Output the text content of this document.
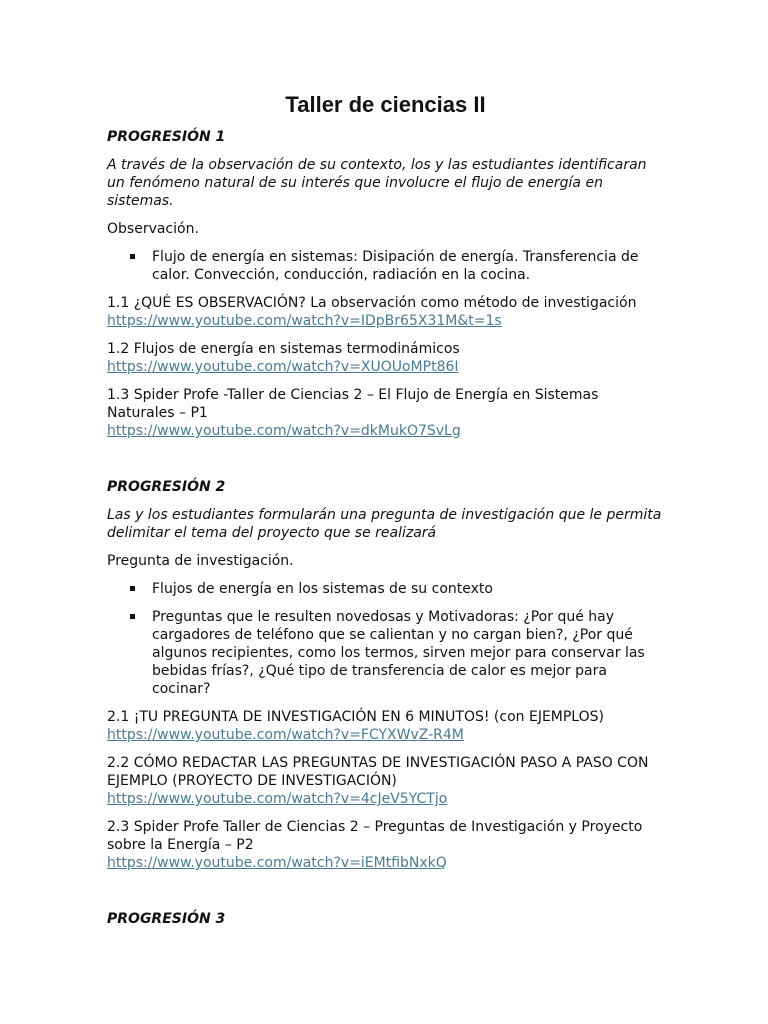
Taller de ciencias II

PROGRESIÓN 1

A través de la observación de su contexto, los y las estudiantes identificaran un fenómeno natural de su interés que involucre el flujo de energía en sistemas.

Observación.

Flujo de energía en sistemas: Disipación de energía. Transferencia de calor. Convección, conducción, radiación en la cocina.
1.1 ¿QUÉ ES OBSERVACIÓN? La observación como método de investigación
https://www.youtube.com/watch?v=IDpBr65X31M&t=1s
1.2 Flujos de energía en sistemas termodinámicos
https://www.youtube.com/watch?v=XUOUoMPt86I
1.3 Spider Profe -Taller de Ciencias 2 – El Flujo de Energía en Sistemas Naturales – P1
https://www.youtube.com/watch?v=dkMukO7SvLg

PROGRESIÓN 2

Las y los estudiantes formularán una pregunta de investigación que le permita delimitar el tema del proyecto que se realizará

Pregunta de investigación.

Flujos de energía en los sistemas de su contexto
Preguntas que le resulten novedosas y Motivadoras: ¿Por qué hay cargadores de teléfono que se calientan y no cargan bien?, ¿Por qué algunos recipientes, como los termos, sirven mejor para conservar las bebidas frías?, ¿Qué tipo de transferencia de calor es mejor para cocinar?
2.1 ¡TU PREGUNTA DE INVESTIGACIÓN EN 6 MINUTOS! (con EJEMPLOS)
https://www.youtube.com/watch?v=FCYXWvZ-R4M
2.2 CÓMO REDACTAR LAS PREGUNTAS DE INVESTIGACIÓN PASO A PASO CON EJEMPLO (PROYECTO DE INVESTIGACIÓN)
https://www.youtube.com/watch?v=4cJeV5YCTjo
2.3 Spider Profe Taller de Ciencias 2 – Preguntas de Investigación y Proyecto sobre la Energía – P2
https://www.youtube.com/watch?v=iEMtfibNxkQ

PROGRESIÓN 3
